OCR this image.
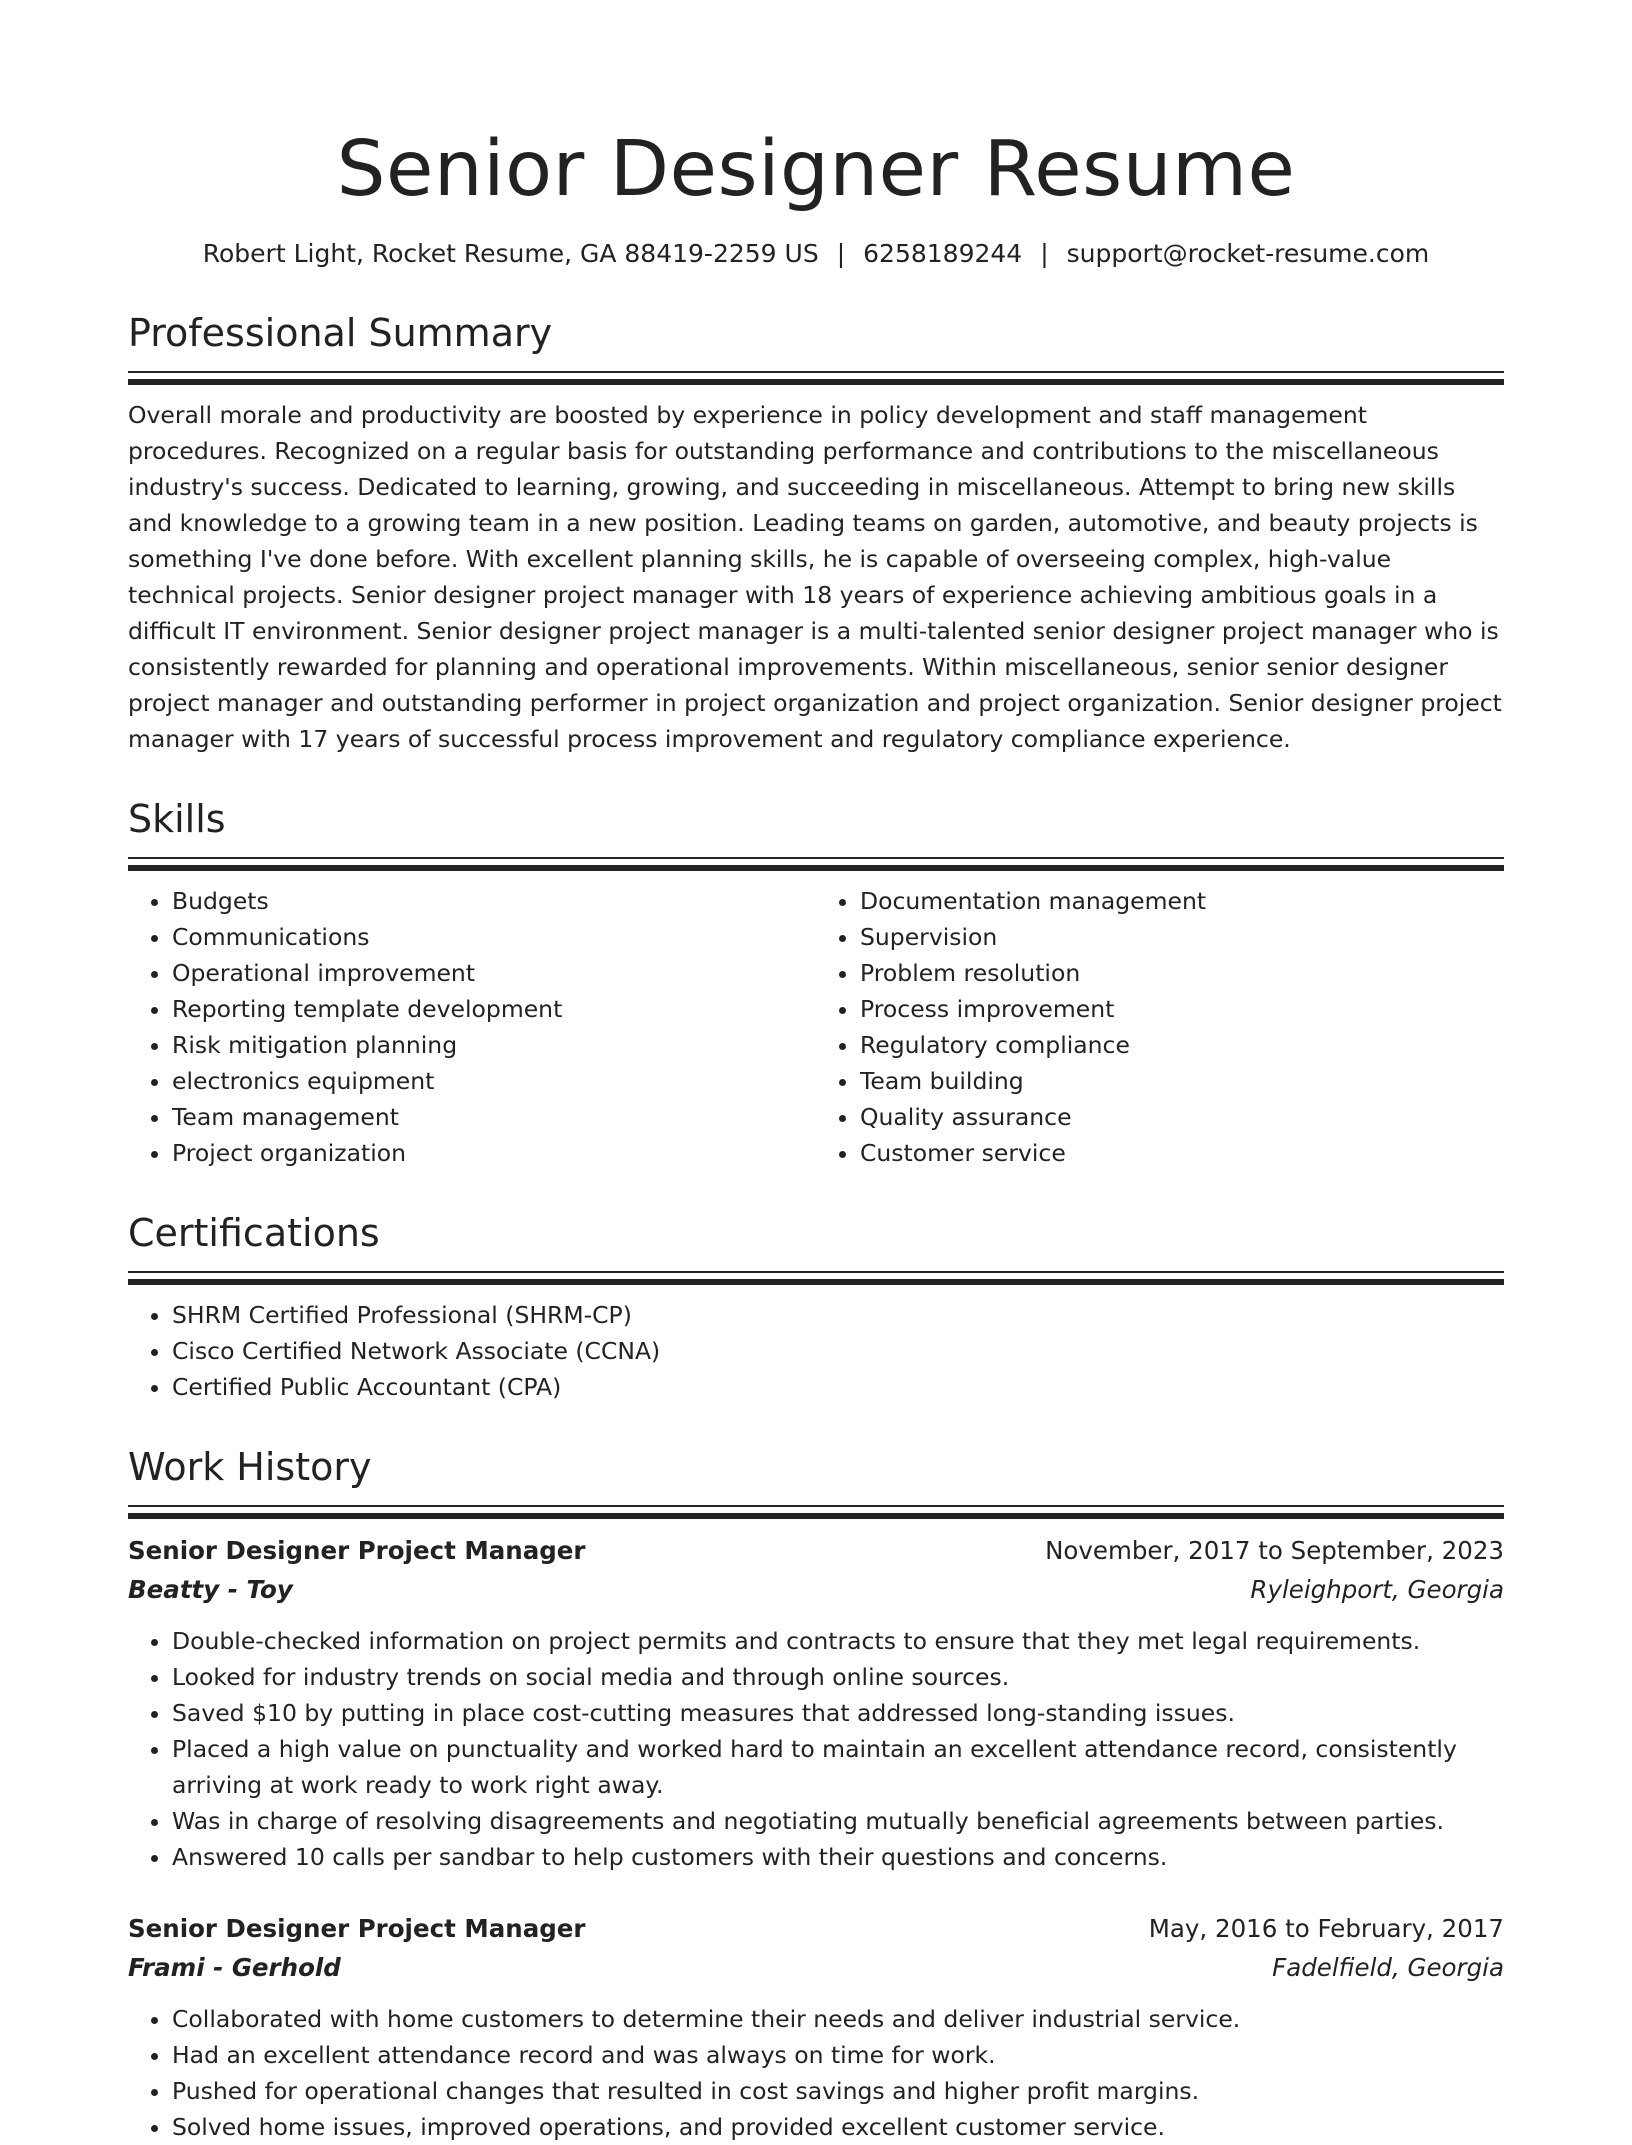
Senior Designer Resume
Robert Light, Rocket Resume, GA 88419-2259 US | 6258189244 | support@rocket-resume.com
Professional Summary

Overall morale and productivity are boosted by experience in policy development and staff management procedures. Recognized on a regular basis for outstanding performance and contributions to the miscellaneous industry's success. Dedicated to learning, growing, and succeeding in miscellaneous. Attempt to bring new skills and knowledge to a growing team in a new position. Leading teams on garden, automotive, and beauty projects is something I've done before. With excellent planning skills, he is capable of overseeing complex, high-value technical projects. Senior designer project manager with 18 years of experience achieving ambitious goals in a difficult IT environment. Senior designer project manager is a multi-talented senior designer project manager who is consistently rewarded for planning and operational improvements. Within miscellaneous, senior senior designer project manager and outstanding performer in project organization and project organization. Senior designer project manager with 17 years of successful process improvement and regulatory compliance experience.

Skills
• Budgets
• Communications
• Operational improvement
• Reporting template development
• Risk mitigation planning
• electronics equipment
• Team management
• Project organization
• Documentation management
• Supervision
• Problem resolution
• Process improvement
• Regulatory compliance
• Team building
• Quality assurance
• Customer service
Certifications
• SHRM Certified Professional (SHRM-CP)
• Cisco Certified Network Associate (CCNA)
• Certified Public Accountant (CPA)
Work History
Senior Designer Project Manager	November, 2017 to September, 2023
Beatty - Toy	Ryleighport, Georgia
• Double-checked information on project permits and contracts to ensure that they met legal requirements.
• Looked for industry trends on social media and through online sources.
• Saved $10 by putting in place cost-cutting measures that addressed long-standing issues.
• Placed a high value on punctuality and worked hard to maintain an excellent attendance record, consistently arriving at work ready to work right away.
• Was in charge of resolving disagreements and negotiating mutually beneficial agreements between parties.
• Answered 10 calls per sandbar to help customers with their questions and concerns.
Senior Designer Project Manager	May, 2016 to February, 2017
Frami - Gerhold	Fadelfield, Georgia
• Collaborated with home customers to determine their needs and deliver industrial service.
• Had an excellent attendance record and was always on time for work.
• Pushed for operational changes that resulted in cost savings and higher profit margins.
• Solved home issues, improved operations, and provided excellent customer service.
